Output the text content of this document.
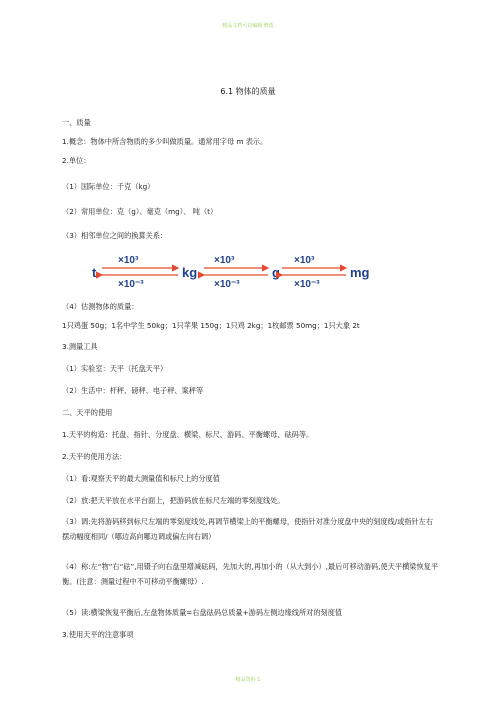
精品文档可以编辑 修改
6.1 物体的质量
一、质量
1.概念：物体中所含物质的多少叫做质量。通常用字母 m 表示。
2.单位：
（1）国际单位：千克（kg）
（2）常用单位：克（g）、毫克（mg）、 吨（t）
（3）相邻单位之间的换算关系：
t	kg	g	mg
×10³
×10⁻³
×10³
×10⁻³
×10³
×10⁻³
（4）估测物体的质量：
1只鸡蛋 50g；1名中学生 50kg；1只苹果 150g；1只鸡 2kg；1枚邮票 50mg；1只大象 2t
3.测量工具
（1）实验室：天平（托盘天平）
（2）生活中：杆秤、磅秤、电子秤、案秤等
二、天平的使用
1.天平的构造：托盘、指针、分度盘、横梁、标尺、游码、平衡螺母、砝码等。
2.天平的使用方法：
（1）看:观察天平的最大测量值和标尺上的分度值
（2）放:把天平放在水平台面上，把游码放在标尺左端的零刻度线处。
（3）调:先将游码移到标尺左端的零刻度线处,再调节横梁上的平衡螺母，使指针对准分度盘中央的刻度线/或指针左右摆动幅度相同/（哪边高向哪边调或偏左向右调）
（4）称:左“物”右“砝”,用镊子向右盘里增减砝码，先加大的,再加小的（从大到小）,最后可移动游码,使天平横梁恢复平衡。(注意：测量过程中不可移动平衡螺母）.
（5）读:横梁恢复平衡后,左盘物体质量=右盘砝码总质量+游码左侧边缘线所对的刻度值
3.使用天平的注意事项
精品资料 1
